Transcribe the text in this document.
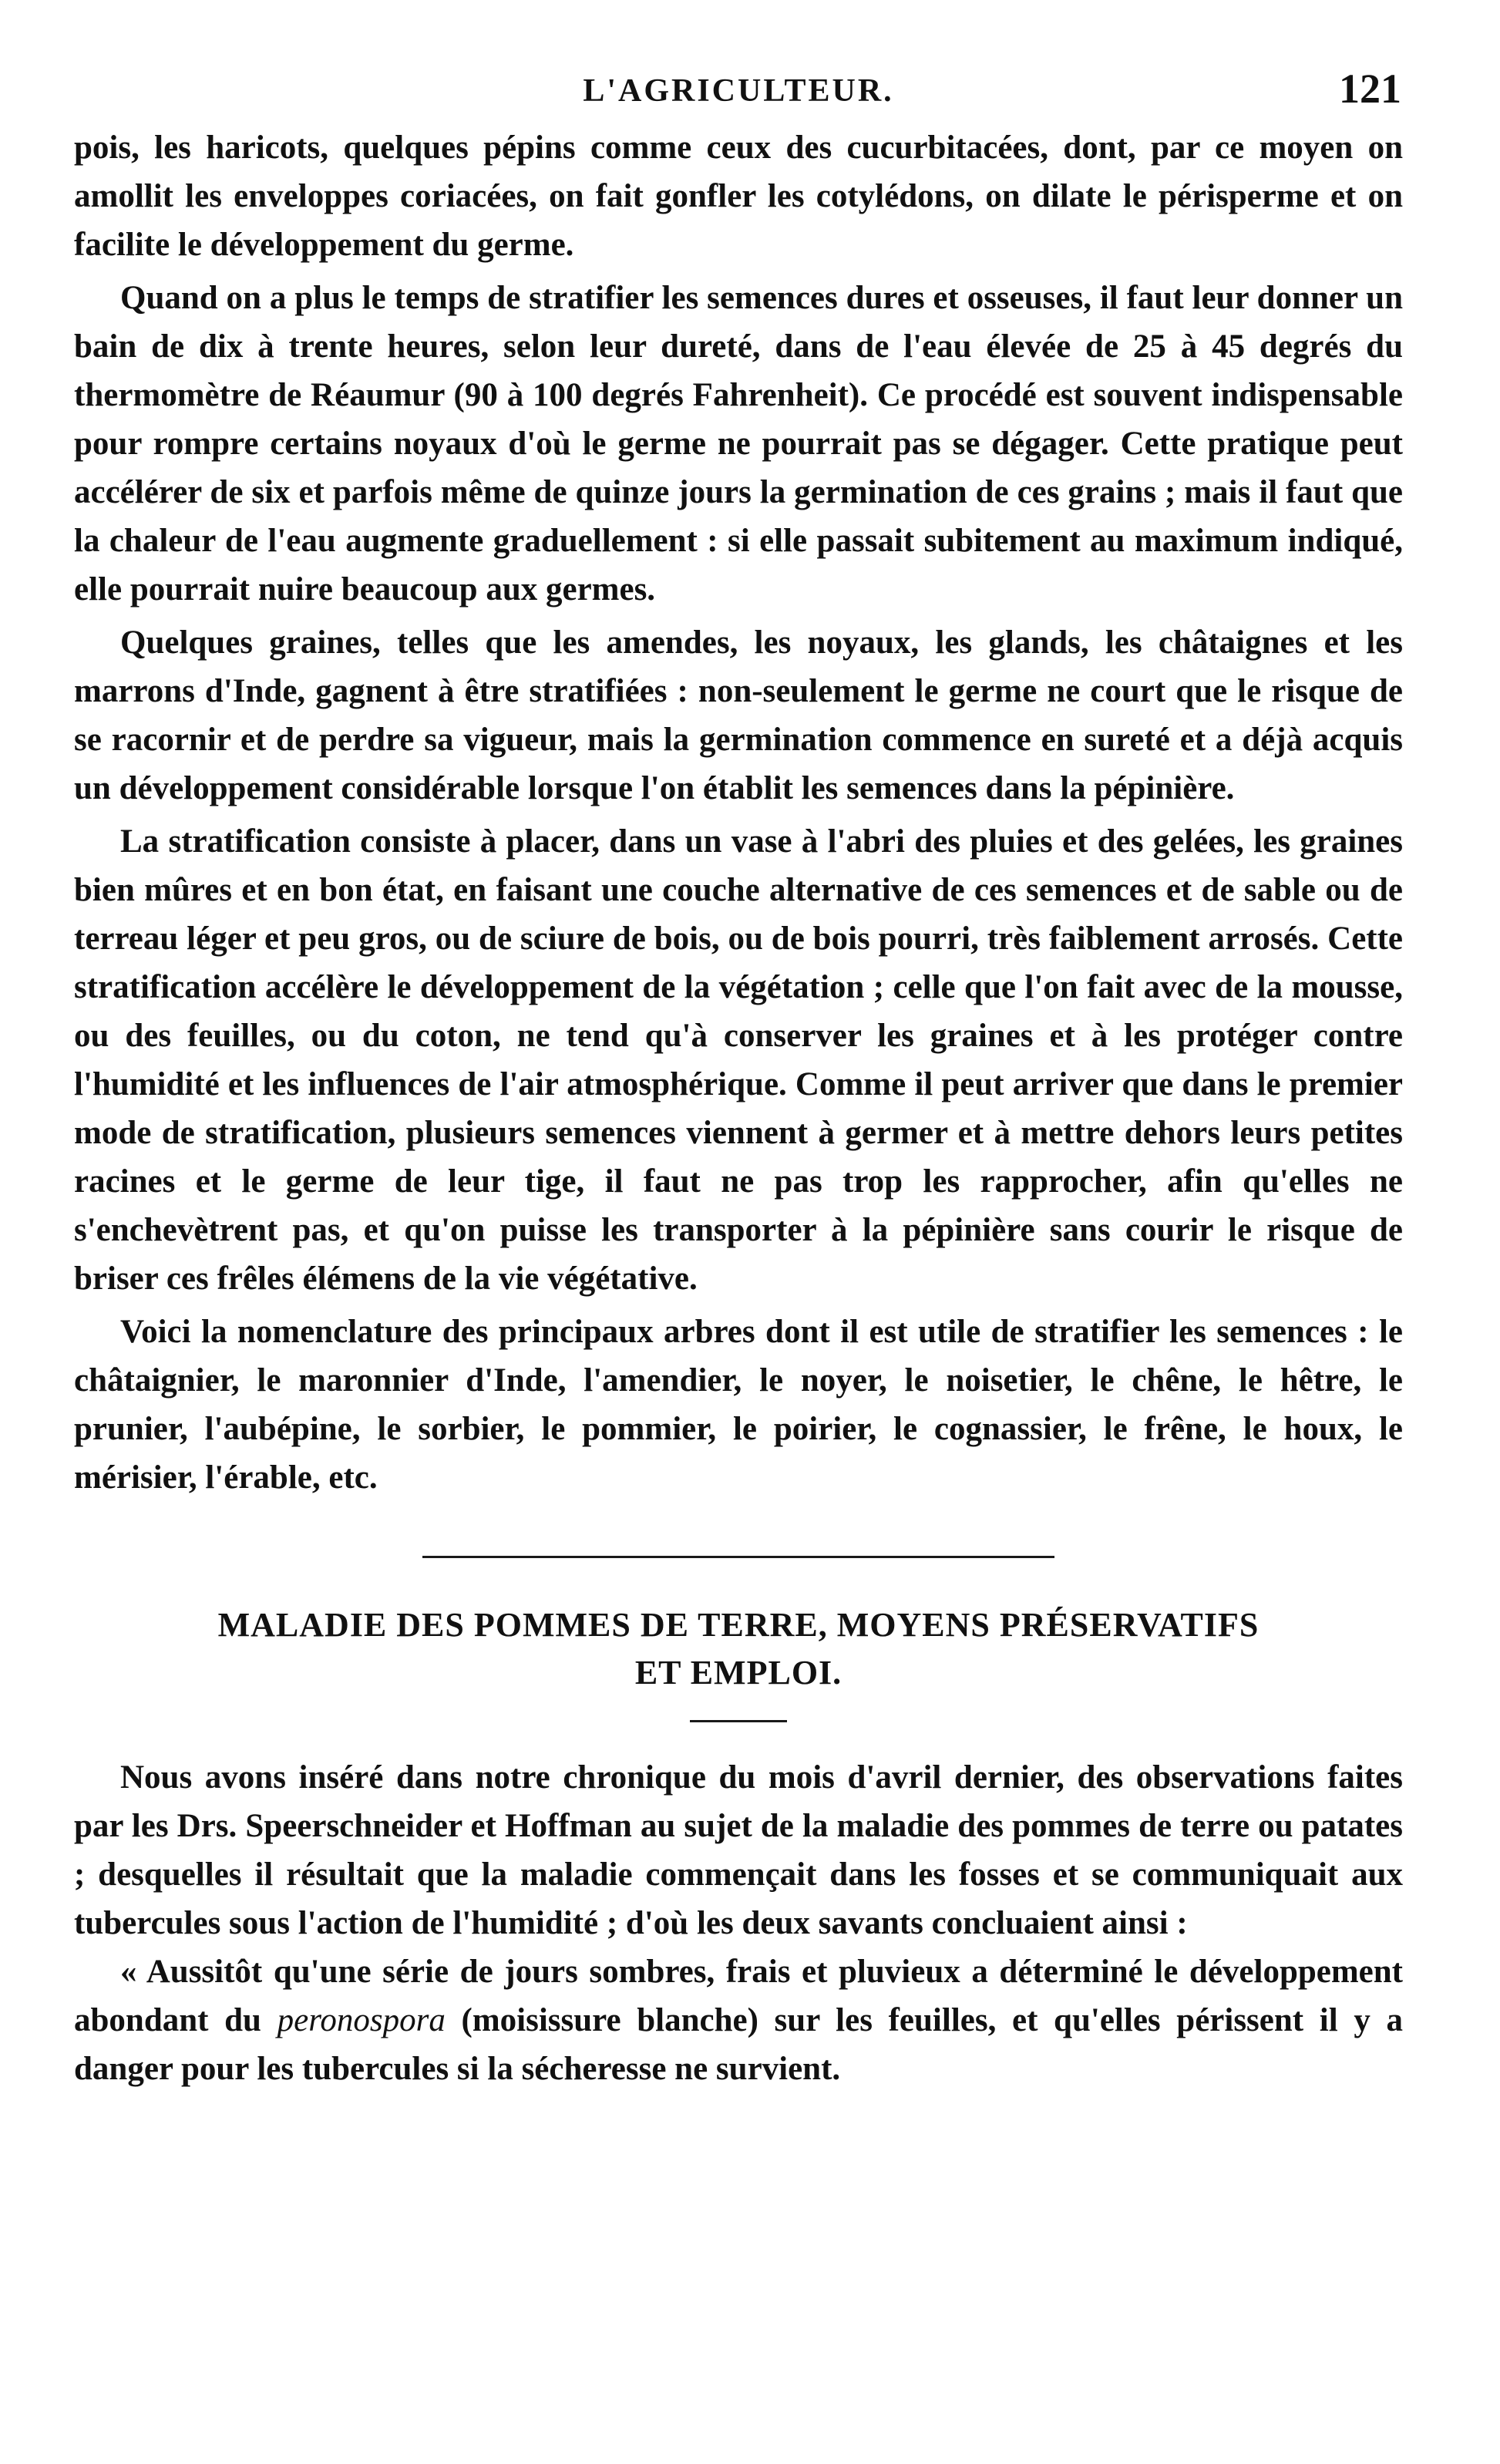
L'AGRICULTEUR.	121

pois, les haricots, quelques pépins comme ceux des cucurbitacées, dont, par ce moyen on amollit les enveloppes coriacées, on fait gonfler les cotylédons, on dilate le périsperme et on facilite le développement du germe.

Quand on a plus le temps de stratifier les semences dures et osseuses, il faut leur donner un bain de dix à trente heures, selon leur dureté, dans de l'eau élevée de 25 à 45 degrés du thermomètre de Réaumur (90 à 100 degrés Fahrenheit). Ce procédé est souvent indispensable pour rompre certains noyaux d'où le germe ne pourrait pas se dégager. Cette pratique peut accélérer de six et parfois même de quinze jours la germination de ces grains ; mais il faut que la chaleur de l'eau augmente graduellement : si elle passait subitement au maximum indiqué, elle pourrait nuire beaucoup aux germes.

Quelques graines, telles que les amendes, les noyaux, les glands, les châtaignes et les marrons d'Inde, gagnent à être stratifiées : non-seulement le germe ne court que le risque de se racornir et de perdre sa vigueur, mais la germination commence en sureté et a déjà acquis un développement considérable lorsque l'on établit les semences dans la pépinière.

La stratification consiste à placer, dans un vase à l'abri des pluies et des gelées, les graines bien mûres et en bon état, en faisant une couche alternative de ces semences et de sable ou de terreau léger et peu gros, ou de sciure de bois, ou de bois pourri, très faiblement arrosés. Cette stratification accélère le développement de la végétation ; celle que l'on fait avec de la mousse, ou des feuilles, ou du coton, ne tend qu'à conserver les graines et à les protéger contre l'humidité et les influences de l'air atmosphérique. Comme il peut arriver que dans le premier mode de stratification, plusieurs semences viennent à germer et à mettre dehors leurs petites racines et le germe de leur tige, il faut ne pas trop les rapprocher, afin qu'elles ne s'enchevètrent pas, et qu'on puisse les transporter à la pépinière sans courir le risque de briser ces frêles élémens de la vie végétative.

Voici la nomenclature des principaux arbres dont il est utile de stratifier les semences : le châtaignier, le maronnier d'Inde, l'amendier, le noyer, le noisetier, le chêne, le hêtre, le prunier, l'aubépine, le sorbier, le pommier, le poirier, le cognassier, le frêne, le houx, le mérisier, l'érable, etc.

MALADIE DES POMMES DE TERRE, MOYENS PRÉSERVATIFS
ET EMPLOI.

Nous avons inséré dans notre chronique du mois d'avril dernier, des observations faites par les Drs. Speerschneider et Hoffman au sujet de la maladie des pommes de terre ou patates ; desquelles il résultait que la maladie commençait dans les fosses et se communiquait aux tubercules sous l'action de l'humidité ; d'où les deux savants concluaient ainsi :

« Aussitôt qu'une série de jours sombres, frais et pluvieux a déterminé le développement abondant du peronospora (moisissure blanche) sur les feuilles, et qu'elles périssent il y a danger pour les tubercules si la sécheresse ne survient.
